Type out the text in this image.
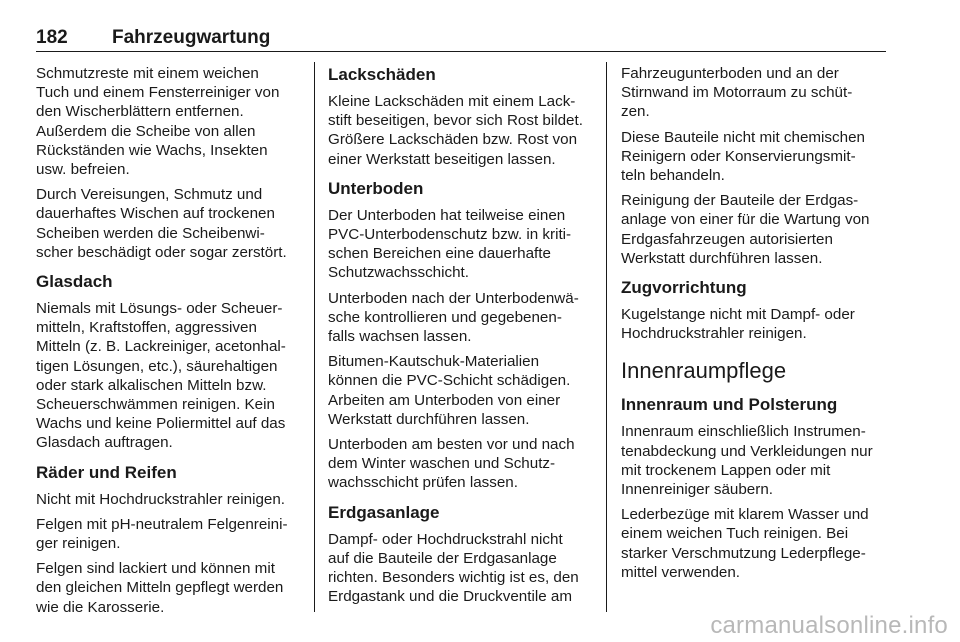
182 Fahrzeugwartung

Schmutzreste mit einem weichen
Tuch und einem Fensterreiniger von
den Wischerblättern entfernen.
Außerdem die Scheibe von allen
Rückständen wie Wachs, Insekten
usw. befreien.

Durch Vereisungen, Schmutz und
dauerhaftes Wischen auf trockenen
Scheiben werden die Scheibenwi-
scher beschädigt oder sogar zerstört.

Glasdach

Niemals mit Lösungs- oder Scheuer-
mitteln, Kraftstoffen, aggressiven
Mitteln (z. B. Lackreiniger, acetonhal-
tigen Lösungen, etc.), säurehaltigen
oder stark alkalischen Mitteln bzw.
Scheuerschwämmen reinigen. Kein
Wachs und keine Poliermittel auf das
Glasdach auftragen.

Räder und Reifen

Nicht mit Hochdruckstrahler reinigen.

Felgen mit pH-neutralem Felgenreini-
ger reinigen.

Felgen sind lackiert und können mit
den gleichen Mitteln gepflegt werden
wie die Karosserie.

Lackschäden

Kleine Lackschäden mit einem Lack-
stift beseitigen, bevor sich Rost bildet.
Größere Lackschäden bzw. Rost von
einer Werkstatt beseitigen lassen.

Unterboden

Der Unterboden hat teilweise einen
PVC-Unterbodenschutz bzw. in kriti-
schen Bereichen eine dauerhafte
Schutzwachsschicht.

Unterboden nach der Unterbodenwä-
sche kontrollieren und gegebenen-
falls wachsen lassen.

Bitumen-Kautschuk-Materialien
können die PVC-Schicht schädigen.
Arbeiten am Unterboden von einer
Werkstatt durchführen lassen.

Unterboden am besten vor und nach
dem Winter waschen und Schutz-
wachsschicht prüfen lassen.

Erdgasanlage

Dampf- oder Hochdruckstrahl nicht
auf die Bauteile der Erdgasanlage
richten. Besonders wichtig ist es, den
Erdgastank und die Druckventile am

Fahrzeugunterboden und an der
Stirnwand im Motorraum zu schüt-
zen.

Diese Bauteile nicht mit chemischen
Reinigern oder Konservierungsmit-
teln behandeln.

Reinigung der Bauteile der Erdgas-
anlage von einer für die Wartung von
Erdgasfahrzeugen autorisierten
Werkstatt durchführen lassen.

Zugvorrichtung

Kugelstange nicht mit Dampf- oder
Hochdruckstrahler reinigen.

Innenraumpflege
Innenraum und Polsterung

Innenraum einschließlich Instrumen-
tenabdeckung und Verkleidungen nur
mit trockenem Lappen oder mit
Innenreiniger säubern.

Lederbezüge mit klarem Wasser und
einem weichen Tuch reinigen. Bei
starker Verschmutzung Lederpflege-
mittel verwenden.

carmanualsonline.info
